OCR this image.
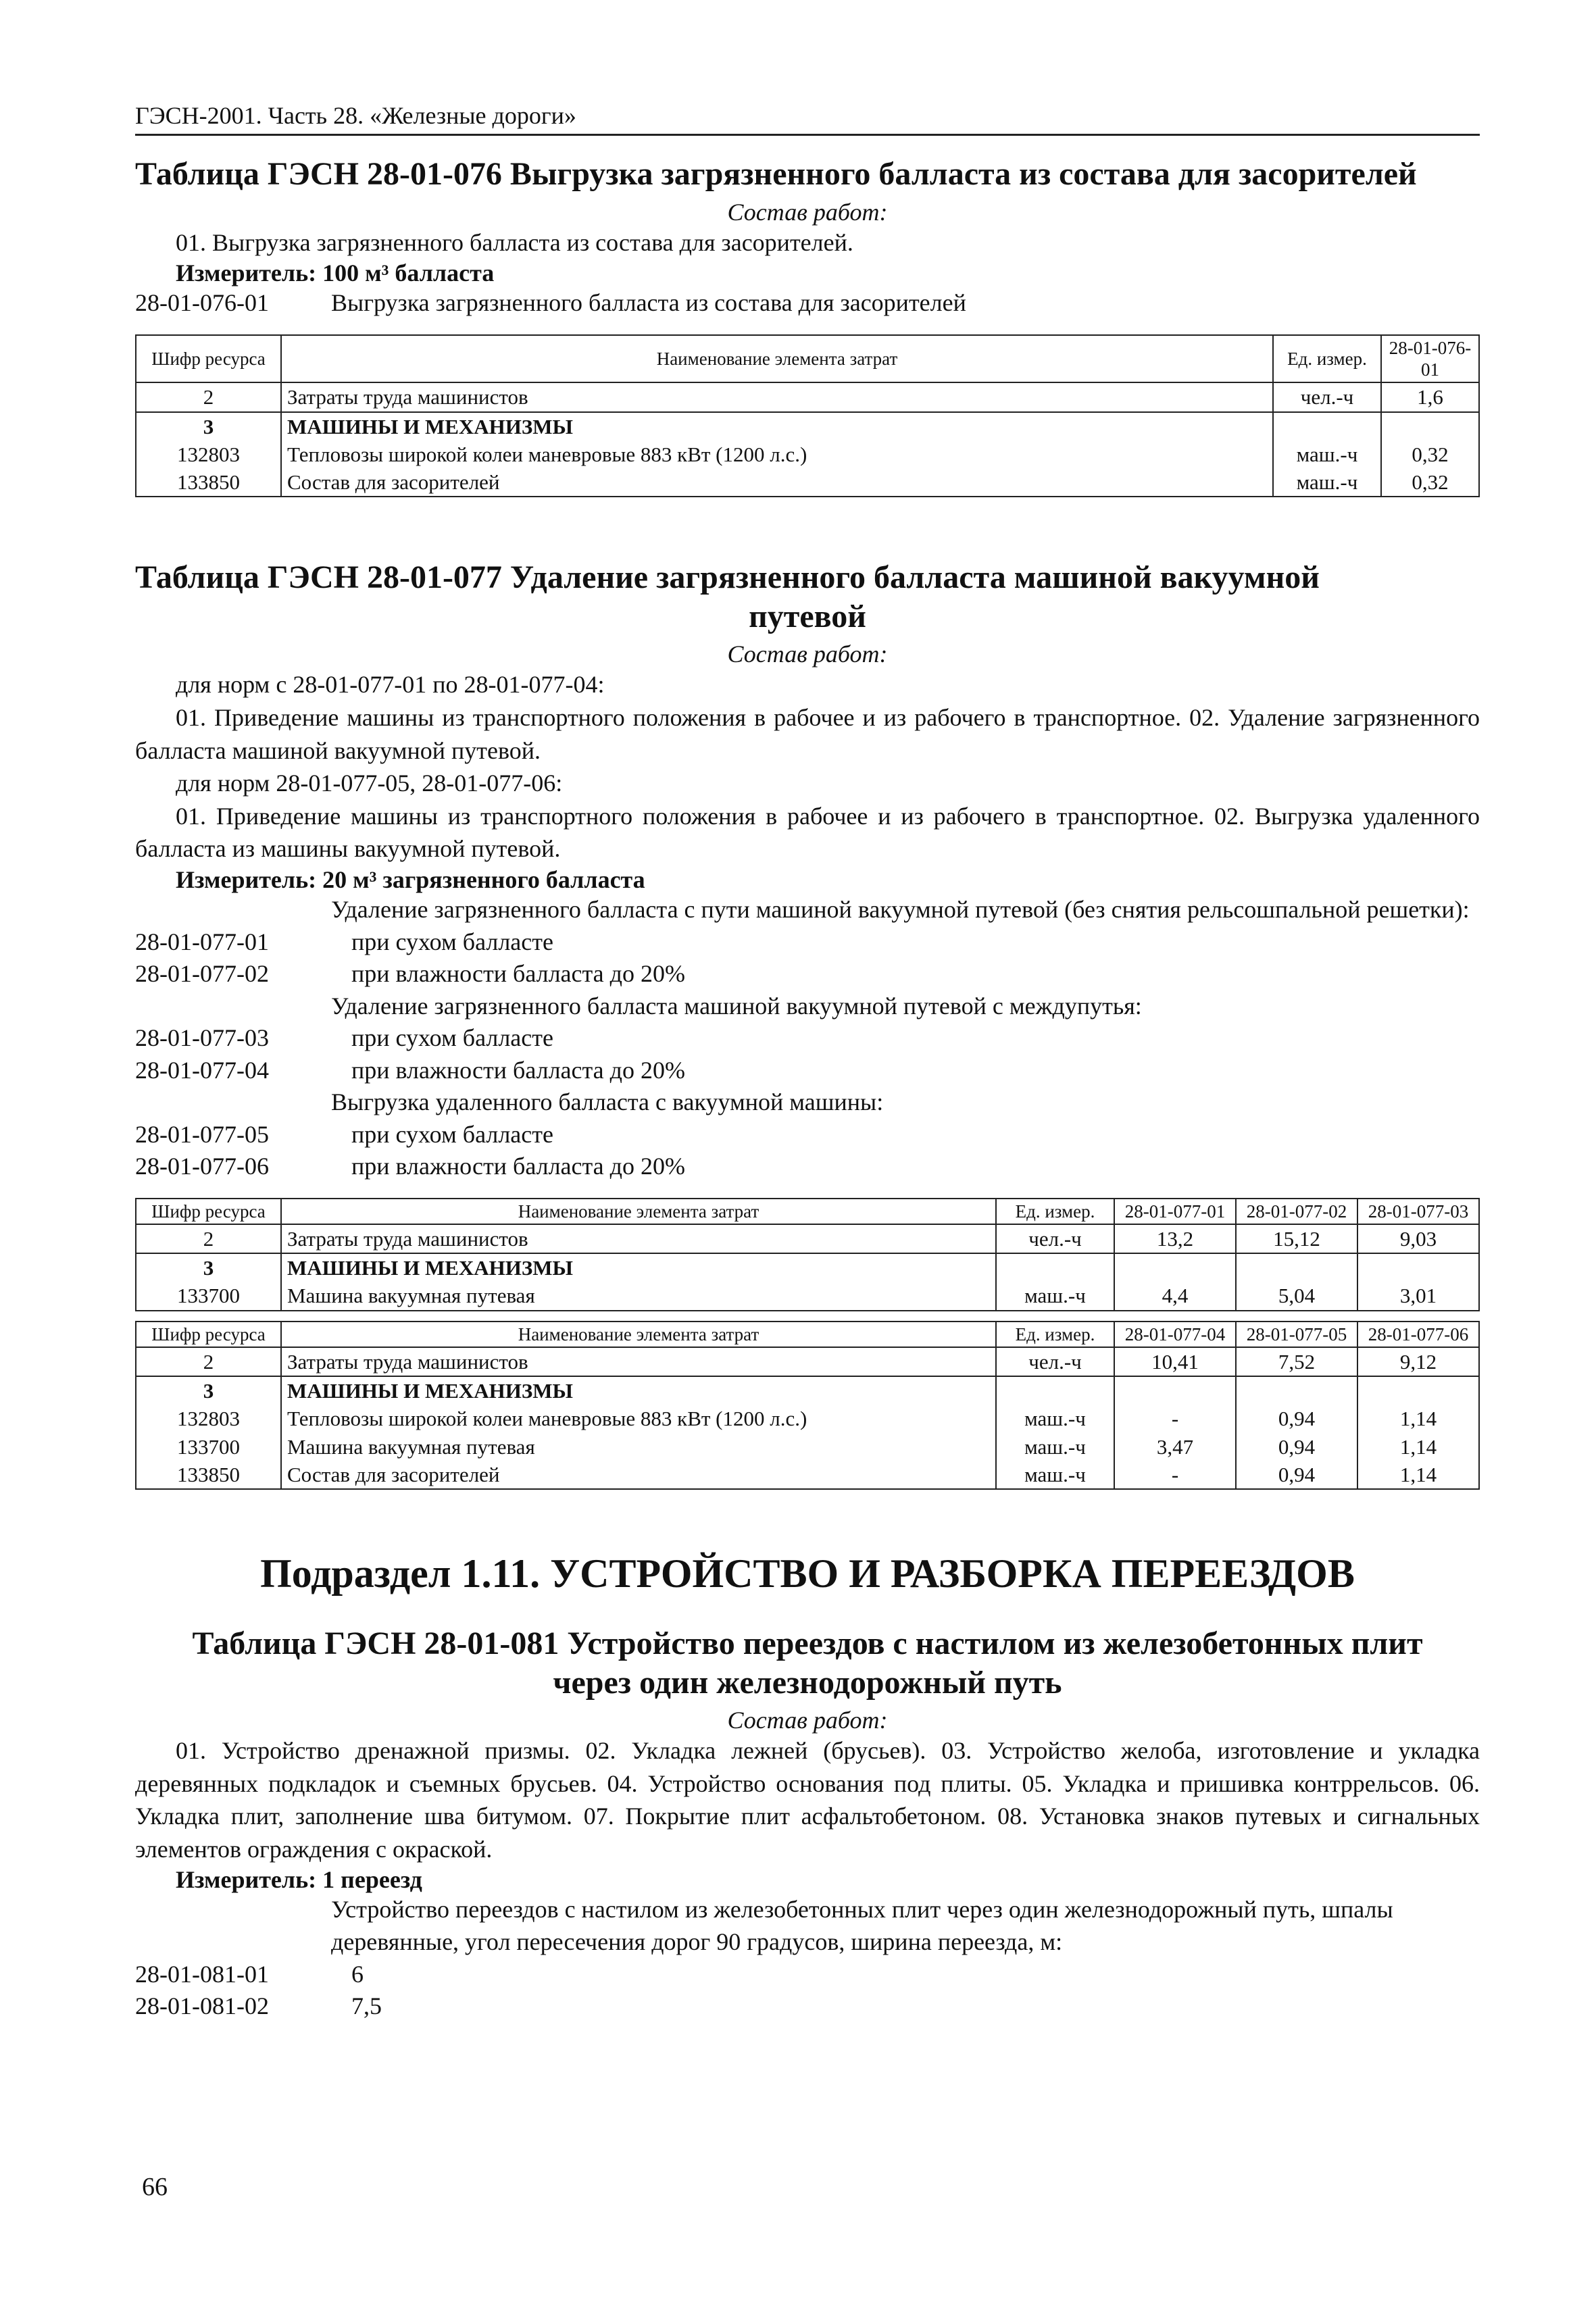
ГЭСН-2001. Часть 28. «Железные дороги»
Таблица ГЭСН 28-01-076 Выгрузка загрязненного балласта из состава для засорителей
Состав работ:
01. Выгрузка загрязненного балласта из состава для засорителей.
Измеритель: 100 м³ балласта
28-01-076-01	Выгрузка загрязненного балласта из состава для засорителей
Шифр ресурса	Наименование элемента затрат	Ед. измер.	28-01-076-01
2	Затраты труда машинистов	чел.-ч	1,6
3	МАШИНЫ И МЕХАНИЗМЫ		
132803	Тепловозы широкой колеи маневровые 883 кВт (1200 л.с.)	маш.-ч	0,32
133850	Состав для засорителей	маш.-ч	0,32
Таблица ГЭСН 28-01-077 Удаление загрязненного балласта машиной вакуумной
путевой
Состав работ:
для норм с 28-01-077-01 по 28-01-077-04:
01. Приведение машины из транспортного положения в рабочее и из рабочего в транспортное. 02. Удаление загрязненного балласта машиной вакуумной путевой.
для норм 28-01-077-05, 28-01-077-06:
01. Приведение машины из транспортного положения в рабочее и из рабочего в транспортное. 02. Выгрузка удаленного балласта из машины вакуумной путевой.
Измеритель: 20 м³ загрязненного балласта
Удаление загрязненного балласта с пути машиной вакуумной путевой (без снятия рельсошпальной решетки):
28-01-077-01	при сухом балласте
28-01-077-02	при влажности балласта до 20%
Удаление загрязненного балласта машиной вакуумной путевой с междупутья:
28-01-077-03	при сухом балласте
28-01-077-04	при влажности балласта до 20%
Выгрузка удаленного балласта с вакуумной машины:
28-01-077-05	при сухом балласте
28-01-077-06	при влажности балласта до 20%
Шифр ресурса	Наименование элемента затрат	Ед. измер.	28-01-077-01	28-01-077-02	28-01-077-03
2	Затраты труда машинистов	чел.-ч	13,2	15,12	9,03
3	МАШИНЫ И МЕХАНИЗМЫ				
133700	Машина вакуумная путевая	маш.-ч	4,4	5,04	3,01
Шифр ресурса	Наименование элемента затрат	Ед. измер.	28-01-077-04	28-01-077-05	28-01-077-06
2	Затраты труда машинистов	чел.-ч	10,41	7,52	9,12
3	МАШИНЫ И МЕХАНИЗМЫ				
132803	Тепловозы широкой колеи маневровые 883 кВт (1200 л.с.)	маш.-ч	-	0,94	1,14
133700	Машина вакуумная путевая	маш.-ч	3,47	0,94	1,14
133850	Состав для засорителей	маш.-ч	-	0,94	1,14
Подраздел 1.11. УСТРОЙСТВО И РАЗБОРКА ПЕРЕЕЗДОВ
Таблица ГЭСН 28-01-081 Устройство переездов с настилом из железобетонных плит
через один железнодорожный путь
Состав работ:
01. Устройство дренажной призмы. 02. Укладка лежней (брусьев). 03. Устройство желоба, изготовление и укладка деревянных подкладок и съемных брусьев. 04. Устройство основания под плиты. 05. Укладка и пришивка контррельсов. 06. Укладка плит, заполнение шва битумом. 07. Покрытие плит асфальтобетоном. 08. Установка знаков путевых и сигнальных элементов ограждения с окраской.
Измеритель: 1 переезд
Устройство переездов с настилом из железобетонных плит через один железнодорожный путь, шпалы деревянные, угол пересечения дорог 90 градусов, ширина переезда, м:
28-01-081-01	6
28-01-081-02	7,5
66
